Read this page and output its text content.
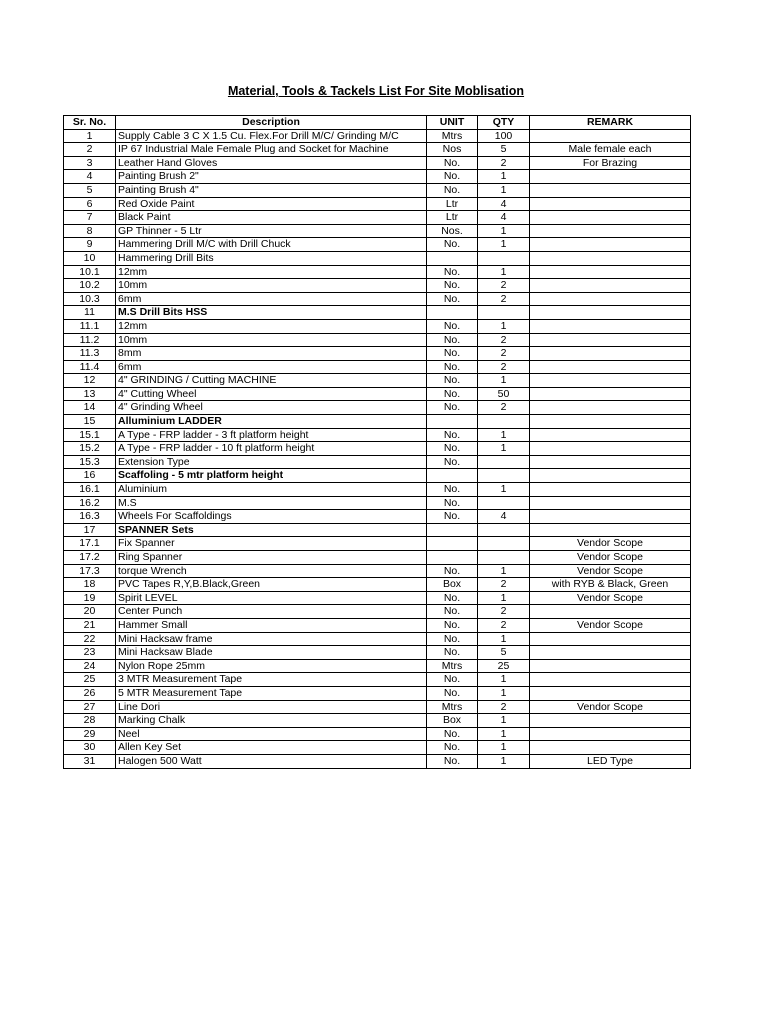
Material, Tools & Tackels List For Site Moblisation
Sr. No.	Description	UNIT	QTY	REMARK
1	Supply Cable 3 C X 1.5 Cu. Flex.For Drill M/C/ Grinding M/C	Mtrs	100	
2	IP 67 Industrial Male Female Plug and Socket for Machine	Nos	5	Male female each
3	Leather Hand Gloves	No.	2	For Brazing
4	Painting Brush 2"	No.	1	
5	Painting Brush 4"	No.	1	
6	Red Oxide Paint	Ltr	4	
7	Black Paint	Ltr	4	
8	GP Thinner - 5 Ltr	Nos.	1	
9	Hammering Drill M/C with Drill Chuck	No.	1	
10	Hammering Drill Bits			
10.1	12mm	No.	1	
10.2	10mm	No.	2	
10.3	6mm	No.	2	
11	M.S Drill Bits HSS			
11.1	12mm	No.	1	
11.2	10mm	No.	2	
11.3	8mm	No.	2	
11.4	6mm	No.	2	
12	4" GRINDING / Cutting MACHINE	No.	1	
13	4" Cutting Wheel	No.	50	
14	4" Grinding Wheel	No.	2	
15	Alluminium LADDER			
15.1	A Type - FRP ladder - 3 ft platform height	No.	1	
15.2	A Type - FRP ladder - 10 ft platform height	No.	1	
15.3	Extension Type	No.		
16	Scaffoling - 5 mtr platform height			
16.1	Aluminium	No.	1	
16.2	M.S	No.		
16.3	Wheels For Scaffoldings	No.	4	
17	SPANNER Sets			
17.1	Fix Spanner			Vendor Scope
17.2	Ring Spanner			Vendor Scope
17.3	torque Wrench	No.	1	Vendor Scope
18	PVC Tapes R,Y,B.Black,Green	Box	2	with RYB & Black, Green
19	Spirit LEVEL	No.	1	Vendor Scope
20	Center Punch	No.	2	
21	Hammer Small	No.	2	Vendor Scope
22	Mini Hacksaw frame	No.	1	
23	Mini Hacksaw Blade	No.	5	
24	Nylon Rope 25mm	Mtrs	25	
25	3 MTR Measurement Tape	No.	1	
26	5 MTR Measurement Tape	No.	1	
27	Line Dori	Mtrs	2	Vendor Scope
28	Marking Chalk	Box	1	
29	Neel	No.	1	
30	Allen Key Set	No.	1	
31	Halogen 500 Watt	No.	1	LED Type
